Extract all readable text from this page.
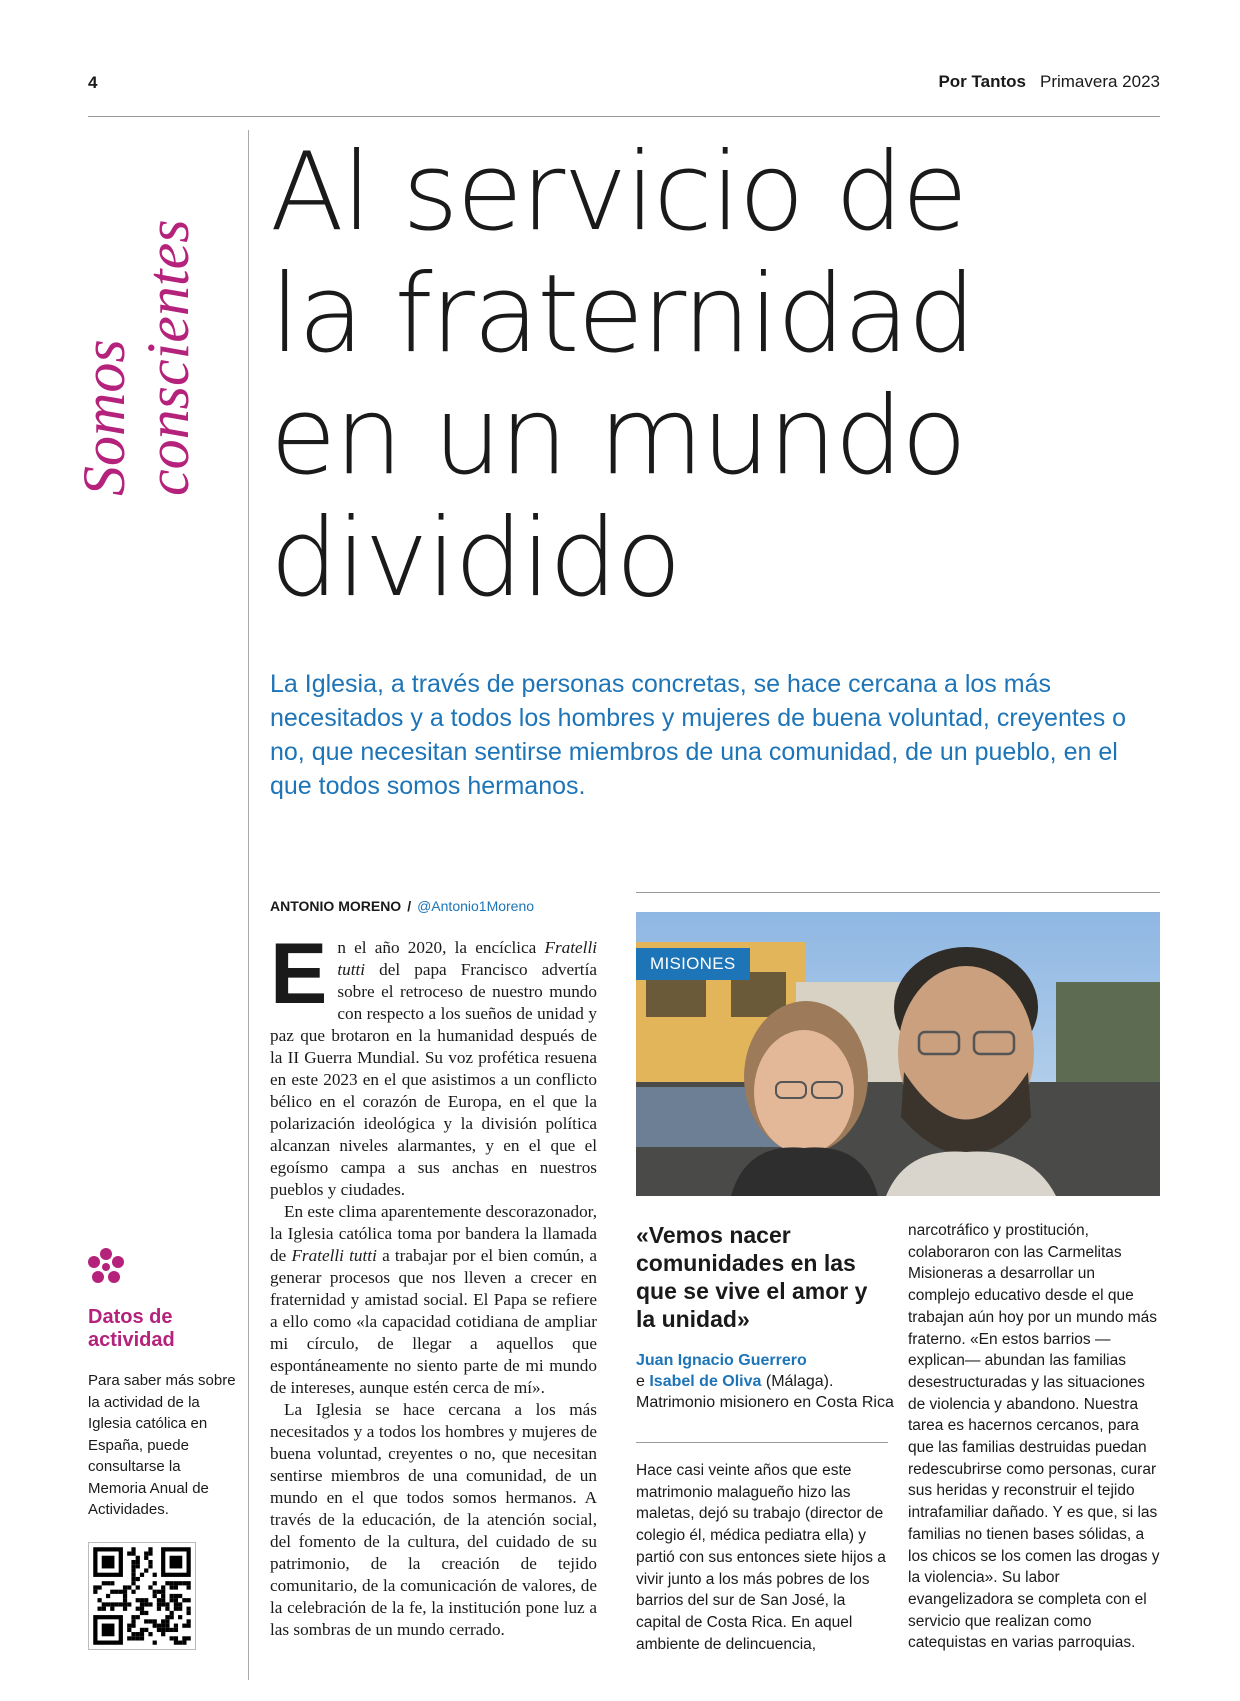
4	Por Tantos Primavera 2023
Somos
conscientes
Al servicio de
la fraternidad
en un mundo
dividido

La Iglesia, a través de personas concretas, se hace cercana a los más necesitados y a todos los hombres y mujeres de buena voluntad, creyentes o no, que necesitan sentirse miembros de una comunidad, de un pueblo, en el que todos somos hermanos.

ANTONIO MORENO / @Antonio1Moreno

En el año 2020, la encíclica Fratelli tutti del papa Francisco advertía sobre el retroceso de nuestro mundo con respecto a los sueños de unidad y paz que brotaron en la humanidad después de la II Guerra Mundial. Su voz profética resuena en este 2023 en el que asistimos a un conflicto bélico en el corazón de Europa, en el que la polarización ideológica y la división política alcanzan niveles alarmantes, y en el que el egoísmo campa a sus anchas en nuestros pueblos y ciudades.

En este clima aparentemente descorazonador, la Iglesia católica toma por bandera la llamada de Fratelli tutti a trabajar por el bien común, a generar procesos que nos lleven a crecer en fraternidad y amistad social. El Papa se refiere a ello como «la capacidad cotidiana de ampliar mi círculo, de llegar a aquellos que espontáneamente no siento parte de mi mundo de intereses, aunque estén cerca de mí».

La Iglesia se hace cercana a los más necesitados y a todos los hombres y mujeres de buena voluntad, creyentes o no, que necesitan sentirse miembros de una comunidad, de un mundo en el que todos somos hermanos. A través de la educación, de la atención social, del fomento de la cultura, del cuidado de su patrimonio, de la creación de tejido comunitario, de la comunicación de valores, de la celebración de la fe, la institución pone luz a las sombras de un mundo cerrado.

MISIONES

«Vemos nacer comunidades en las que se vive el amor y la unidad»

Juan Ignacio Guerrero
e Isabel de Oliva (Málaga).
Matrimonio misionero en Costa Rica

Hace casi veinte años que este matrimonio malagueño hizo las maletas, dejó su trabajo (director de colegio él, médica pediatra ella) y partió con sus entonces siete hijos a vivir junto a los más pobres de los barrios del sur de San José, la capital de Costa Rica. En aquel ambiente de delincuencia,

narcotráfico y prostitución, colaboraron con las Carmelitas Misioneras a desarrollar un complejo educativo desde el que trabajan aún hoy por un mundo más fraterno. «En estos barrios —explican— abundan las familias desestructuradas y las situaciones de violencia y abandono. Nuestra tarea es hacernos cercanos, para que las familias destruidas puedan redescubrirse como personas, curar sus heridas y reconstruir el tejido intrafamiliar dañado. Y es que, si las familias no tienen bases sólidas, a los chicos se los comen las drogas y la violencia». Su labor evangelizadora se completa con el servicio que realizan como catequistas en varias parroquias.

Datos de actividad

Para saber más sobre la actividad de la Iglesia católica en España, puede consultarse la Memoria Anual de Actividades.
